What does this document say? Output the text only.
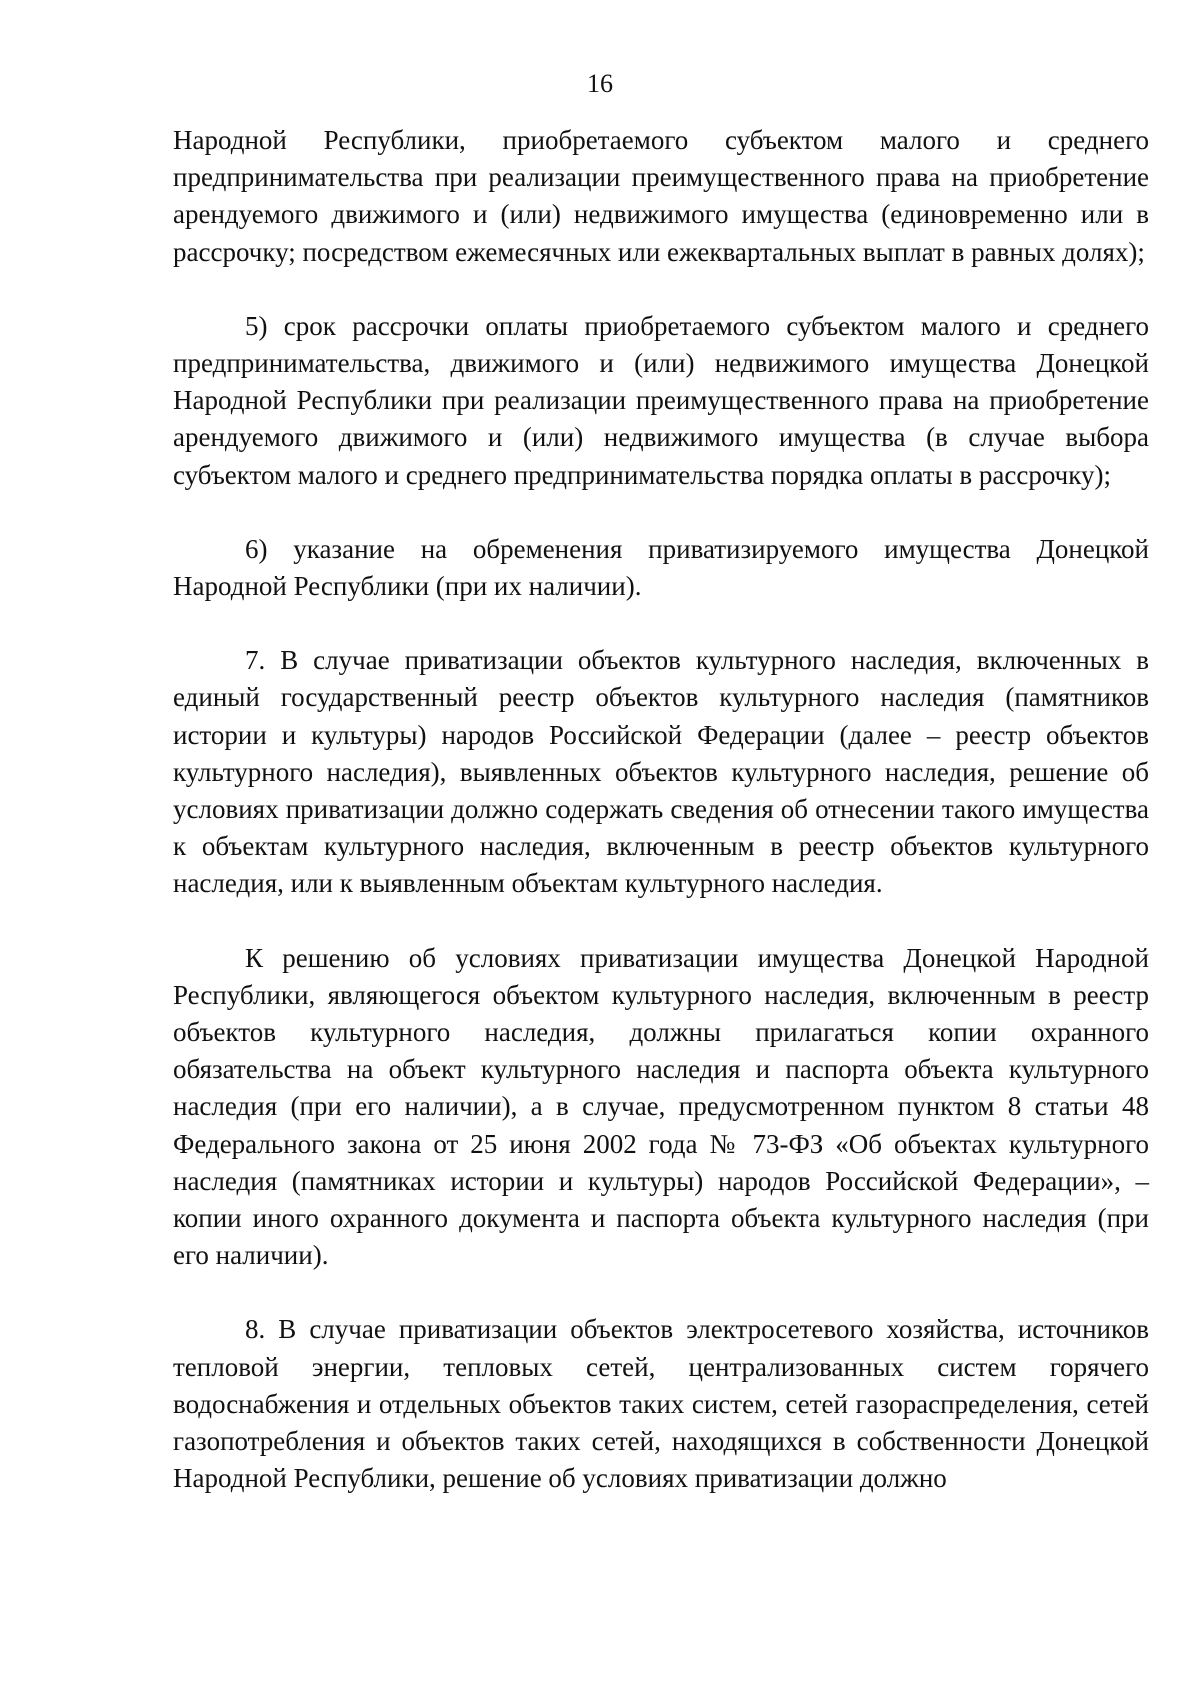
16

Народной Республики, приобретаемого субъектом малого и среднего предпринимательства при реализации преимущественного права на приобретение арендуемого движимого и (или) недвижимого имущества (единовременно или в рассрочку; посредством ежемесячных или ежеквартальных выплат в равных долях);

5) срок рассрочки оплаты приобретаемого субъектом малого и среднего предпринимательства, движимого и (или) недвижимого имущества Донецкой Народной Республики при реализации преимущественного права на приобретение арендуемого движимого и (или) недвижимого имущества (в случае выбора субъектом малого и среднего предпринимательства порядка оплаты в рассрочку);

6) указание на обременения приватизируемого имущества Донецкой Народной Республики (при их наличии).

7. В случае приватизации объектов культурного наследия, включенных в единый государственный реестр объектов культурного наследия (памятников истории и культуры) народов Российской Федерации (далее – реестр объектов культурного наследия), выявленных объектов культурного наследия, решение об условиях приватизации должно содержать сведения об отнесении такого имущества к объектам культурного наследия, включенным в реестр объектов культурного наследия, или к выявленным объектам культурного наследия.

К решению об условиях приватизации имущества Донецкой Народной Республики, являющегося объектом культурного наследия, включенным в реестр объектов культурного наследия, должны прилагаться копии охранного обязательства на объект культурного наследия и паспорта объекта культурного наследия (при его наличии), а в случае, предусмотренном пунктом 8 статьи 48 Федерального закона от 25 июня 2002 года № 73-ФЗ «Об объектах культурного наследия (памятниках истории и культуры) народов Российской Федерации», – копии иного охранного документа и паспорта объекта культурного наследия (при его наличии).

8. В случае приватизации объектов электросетевого хозяйства, источников тепловой энергии, тепловых сетей, централизованных систем горячего водоснабжения и отдельных объектов таких систем, сетей газораспределения, сетей газопотребления и объектов таких сетей, находящихся в собственности Донецкой Народной Республики, решение об условиях приватизации должно
